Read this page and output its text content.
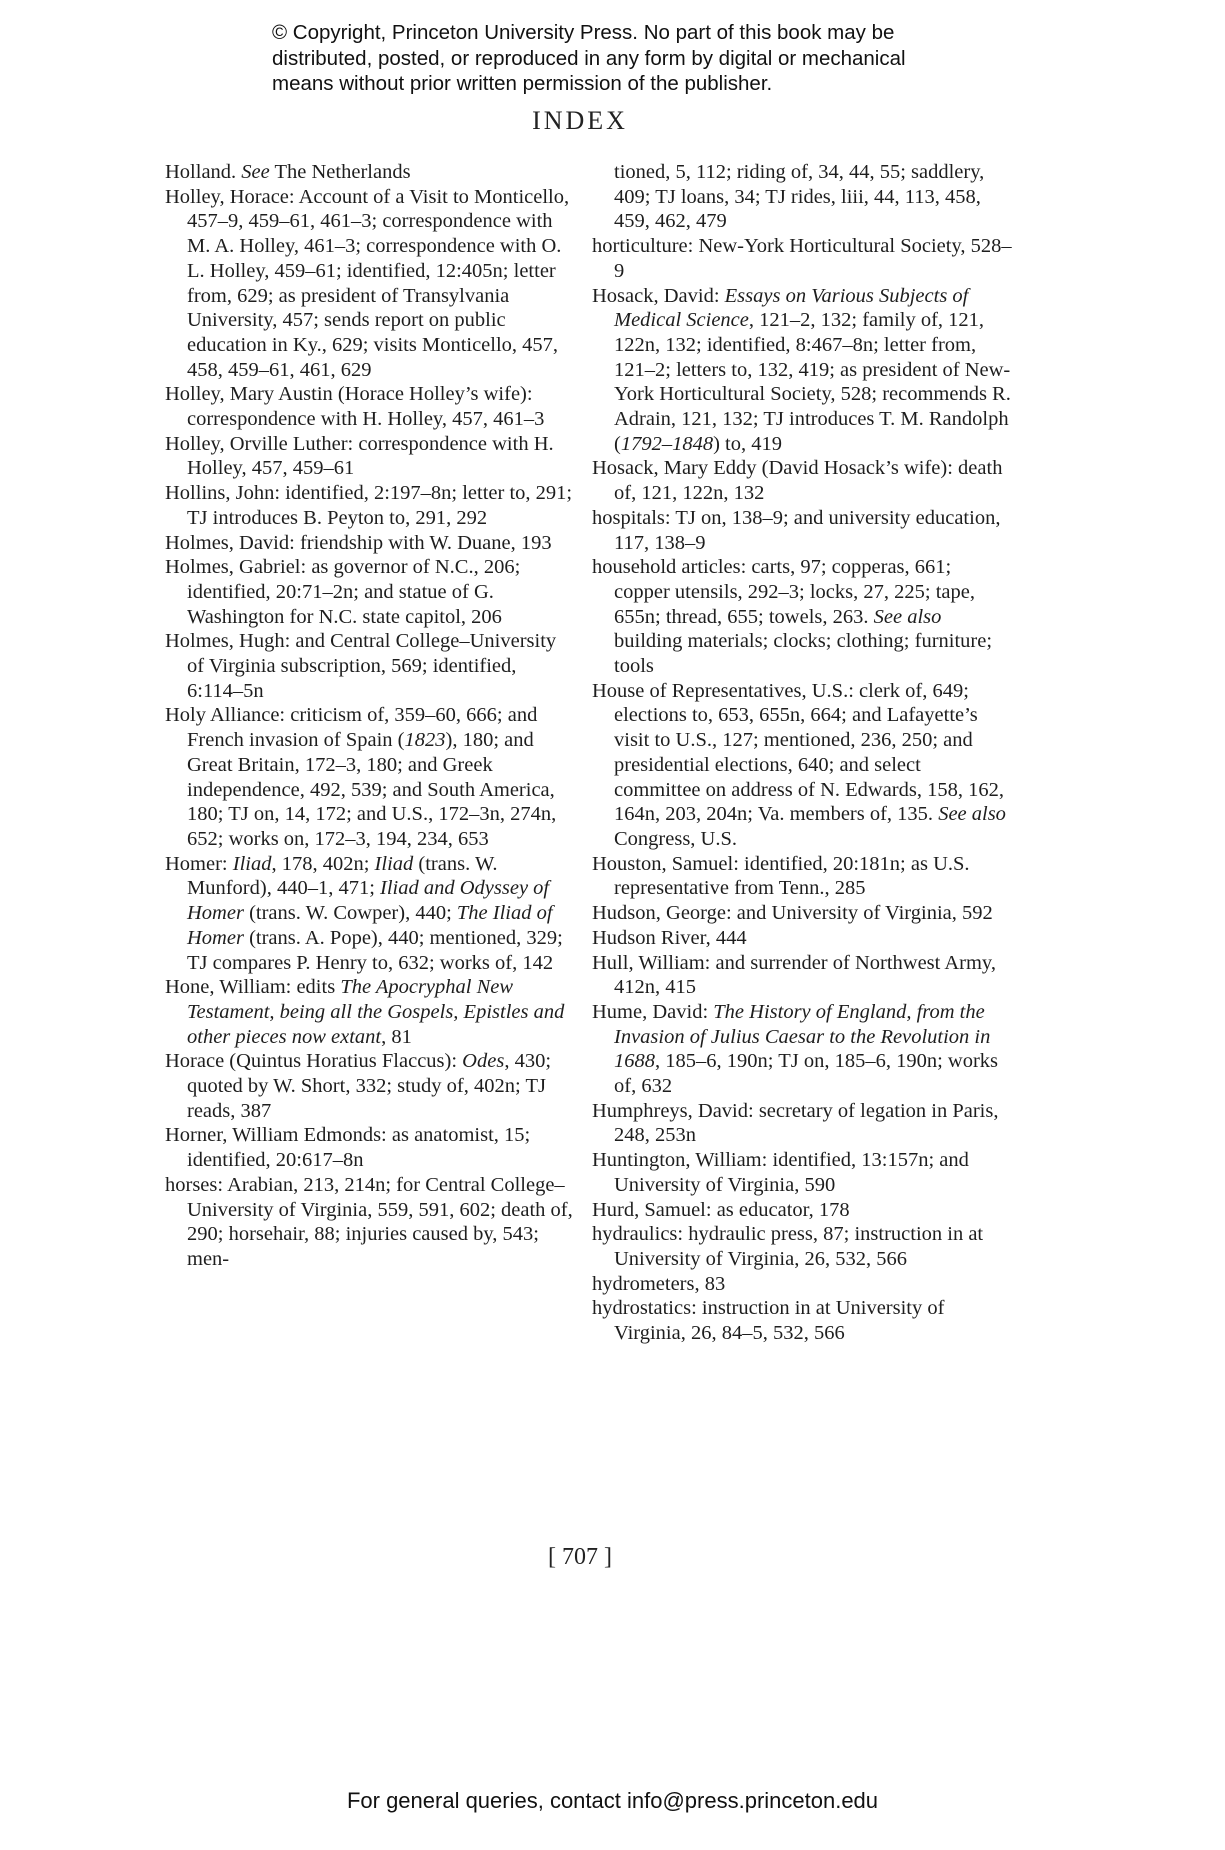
© Copyright, Princeton University Press. No part of this book may be
distributed, posted, or reproduced in any form by digital or mechanical
means without prior written permission of the publisher.
INDEX
Holland. See The Netherlands
Holley, Horace: Account of a Visit to Monticello, 457–9, 459–61, 461–3; correspondence with M. A. Holley, 461–3; correspondence with O. L. Holley, 459–61; identified, 12:405n; letter from, 629; as president of Transylvania University, 457; sends report on public education in Ky., 629; visits Monticello, 457, 458, 459–61, 461, 629
Holley, Mary Austin (Horace Holley’s wife): correspondence with H. Holley, 457, 461–3
Holley, Orville Luther: correspondence with H. Holley, 457, 459–61
Hollins, John: identified, 2:197–8n; letter to, 291; TJ introduces B. Peyton to, 291, 292
Holmes, David: friendship with W. Duane, 193
Holmes, Gabriel: as governor of N.C., 206; identified, 20:71–2n; and statue of G. Washington for N.C. state capitol, 206
Holmes, Hugh: and Central College–University of Virginia subscription, 569; identified, 6:114–5n
Holy Alliance: criticism of, 359–60, 666; and French invasion of Spain (1823), 180; and Great Britain, 172–3, 180; and Greek independence, 492, 539; and South America, 180; TJ on, 14, 172; and U.S., 172–3n, 274n, 652; works on, 172–3, 194, 234, 653
Homer: Iliad, 178, 402n; Iliad (trans. W. Munford), 440–1, 471; Iliad and Odyssey of Homer (trans. W. Cowper), 440; The Iliad of Homer (trans. A. Pope), 440; mentioned, 329; TJ compares P. Henry to, 632; works of, 142
Hone, William: edits The Apocryphal New Testament, being all the Gospels, Epistles and other pieces now extant, 81
Horace (Quintus Horatius Flaccus): Odes, 430; quoted by W. Short, 332; study of, 402n; TJ reads, 387
Horner, William Edmonds: as anatomist, 15; identified, 20:617–8n
horses: Arabian, 213, 214n; for Central College–University of Virginia, 559, 591, 602; death of, 290; horsehair, 88; injuries caused by, 543; men-
tioned, 5, 112; riding of, 34, 44, 55; saddlery, 409; TJ loans, 34; TJ rides, liii, 44, 113, 458, 459, 462, 479
horticulture: New-York Horticultural Society, 528–9
Hosack, David: Essays on Various Subjects of Medical Science, 121–2, 132; family of, 121, 122n, 132; identified, 8:467–8n; letter from, 121–2; letters to, 132, 419; as president of New-York Horticultural Society, 528; recommends R. Adrain, 121, 132; TJ introduces T. M. Randolph (1792–1848) to, 419
Hosack, Mary Eddy (David Hosack’s wife): death of, 121, 122n, 132
hospitals: TJ on, 138–9; and university education, 117, 138–9
household articles: carts, 97; copperas, 661; copper utensils, 292–3; locks, 27, 225; tape, 655n; thread, 655; towels, 263. See also building materials; clocks; clothing; furniture; tools
House of Representatives, U.S.: clerk of, 649; elections to, 653, 655n, 664; and Lafayette’s visit to U.S., 127; mentioned, 236, 250; and presidential elections, 640; and select committee on address of N. Edwards, 158, 162, 164n, 203, 204n; Va. members of, 135. See also Congress, U.S.
Houston, Samuel: identified, 20:181n; as U.S. representative from Tenn., 285
Hudson, George: and University of Virginia, 592
Hudson River, 444
Hull, William: and surrender of Northwest Army, 412n, 415
Hume, David: The History of England, from the Invasion of Julius Caesar to the Revolution in 1688, 185–6, 190n; TJ on, 185–6, 190n; works of, 632
Humphreys, David: secretary of legation in Paris, 248, 253n
Huntington, William: identified, 13:157n; and University of Virginia, 590
Hurd, Samuel: as educator, 178
hydraulics: hydraulic press, 87; instruction in at University of Virginia, 26, 532, 566
hydrometers, 83
hydrostatics: instruction in at University of Virginia, 26, 84–5, 532, 566
[ 707 ]
For general queries, contact info@press.princeton.edu
